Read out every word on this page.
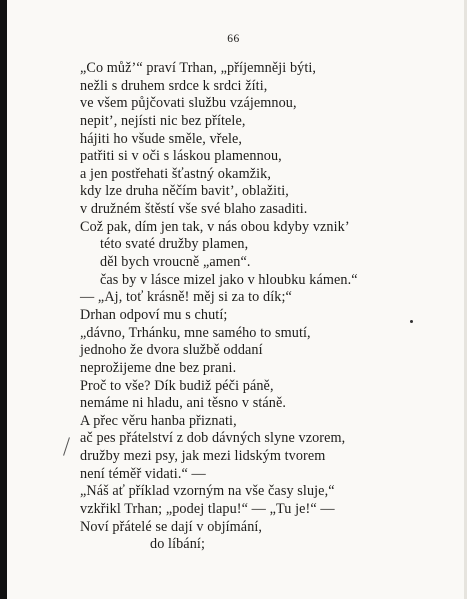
66
„Co můž’“ praví Trhan, „příjemněji býti,
nežli s druhem srdce k srdci žíti,
ve všem půjčovati službu vzájemnou,
nepit’, nejísti nic bez přítele,
hájiti ho všude směle, vřele,
patřiti si v oči s láskou plamennou,
a jen postřehati šťastný okamžik,
kdy lze druha něčím bavit’, oblažiti,
v družném štěstí vše své blaho zasaditi.
Což pak, dím jen tak, v nás obou kdyby vznik’
této svaté družby plamen,
děl bych vroucně „amen“.
čas by v lásce mizel jako v hloubku kámen.“
— „Aj, toť krásně! měj si za to dík;“
Drhan odpoví mu s chutí;
„dávno, Trhánku, mne samého to smutí,
jednoho že dvora službě oddaní
neprožijeme dne bez prani.
Proč to vše? Dík budiž péči páně,
nemáme ni hladu, ani těsno v stáně.
A přec věru hanba přiznati,
ač pes přátelství z dob dávných slyne vzorem,
družby mezi psy, jak mezi lidským tvorem
není téměř vidati.“ —
„Náš ať příklad vzorným na vše časy sluje,“
vzkřikl Trhan; „podej tlapu!“ — „Tu je!“ —
Noví přátelé se dají v objímání,
do líbání;
